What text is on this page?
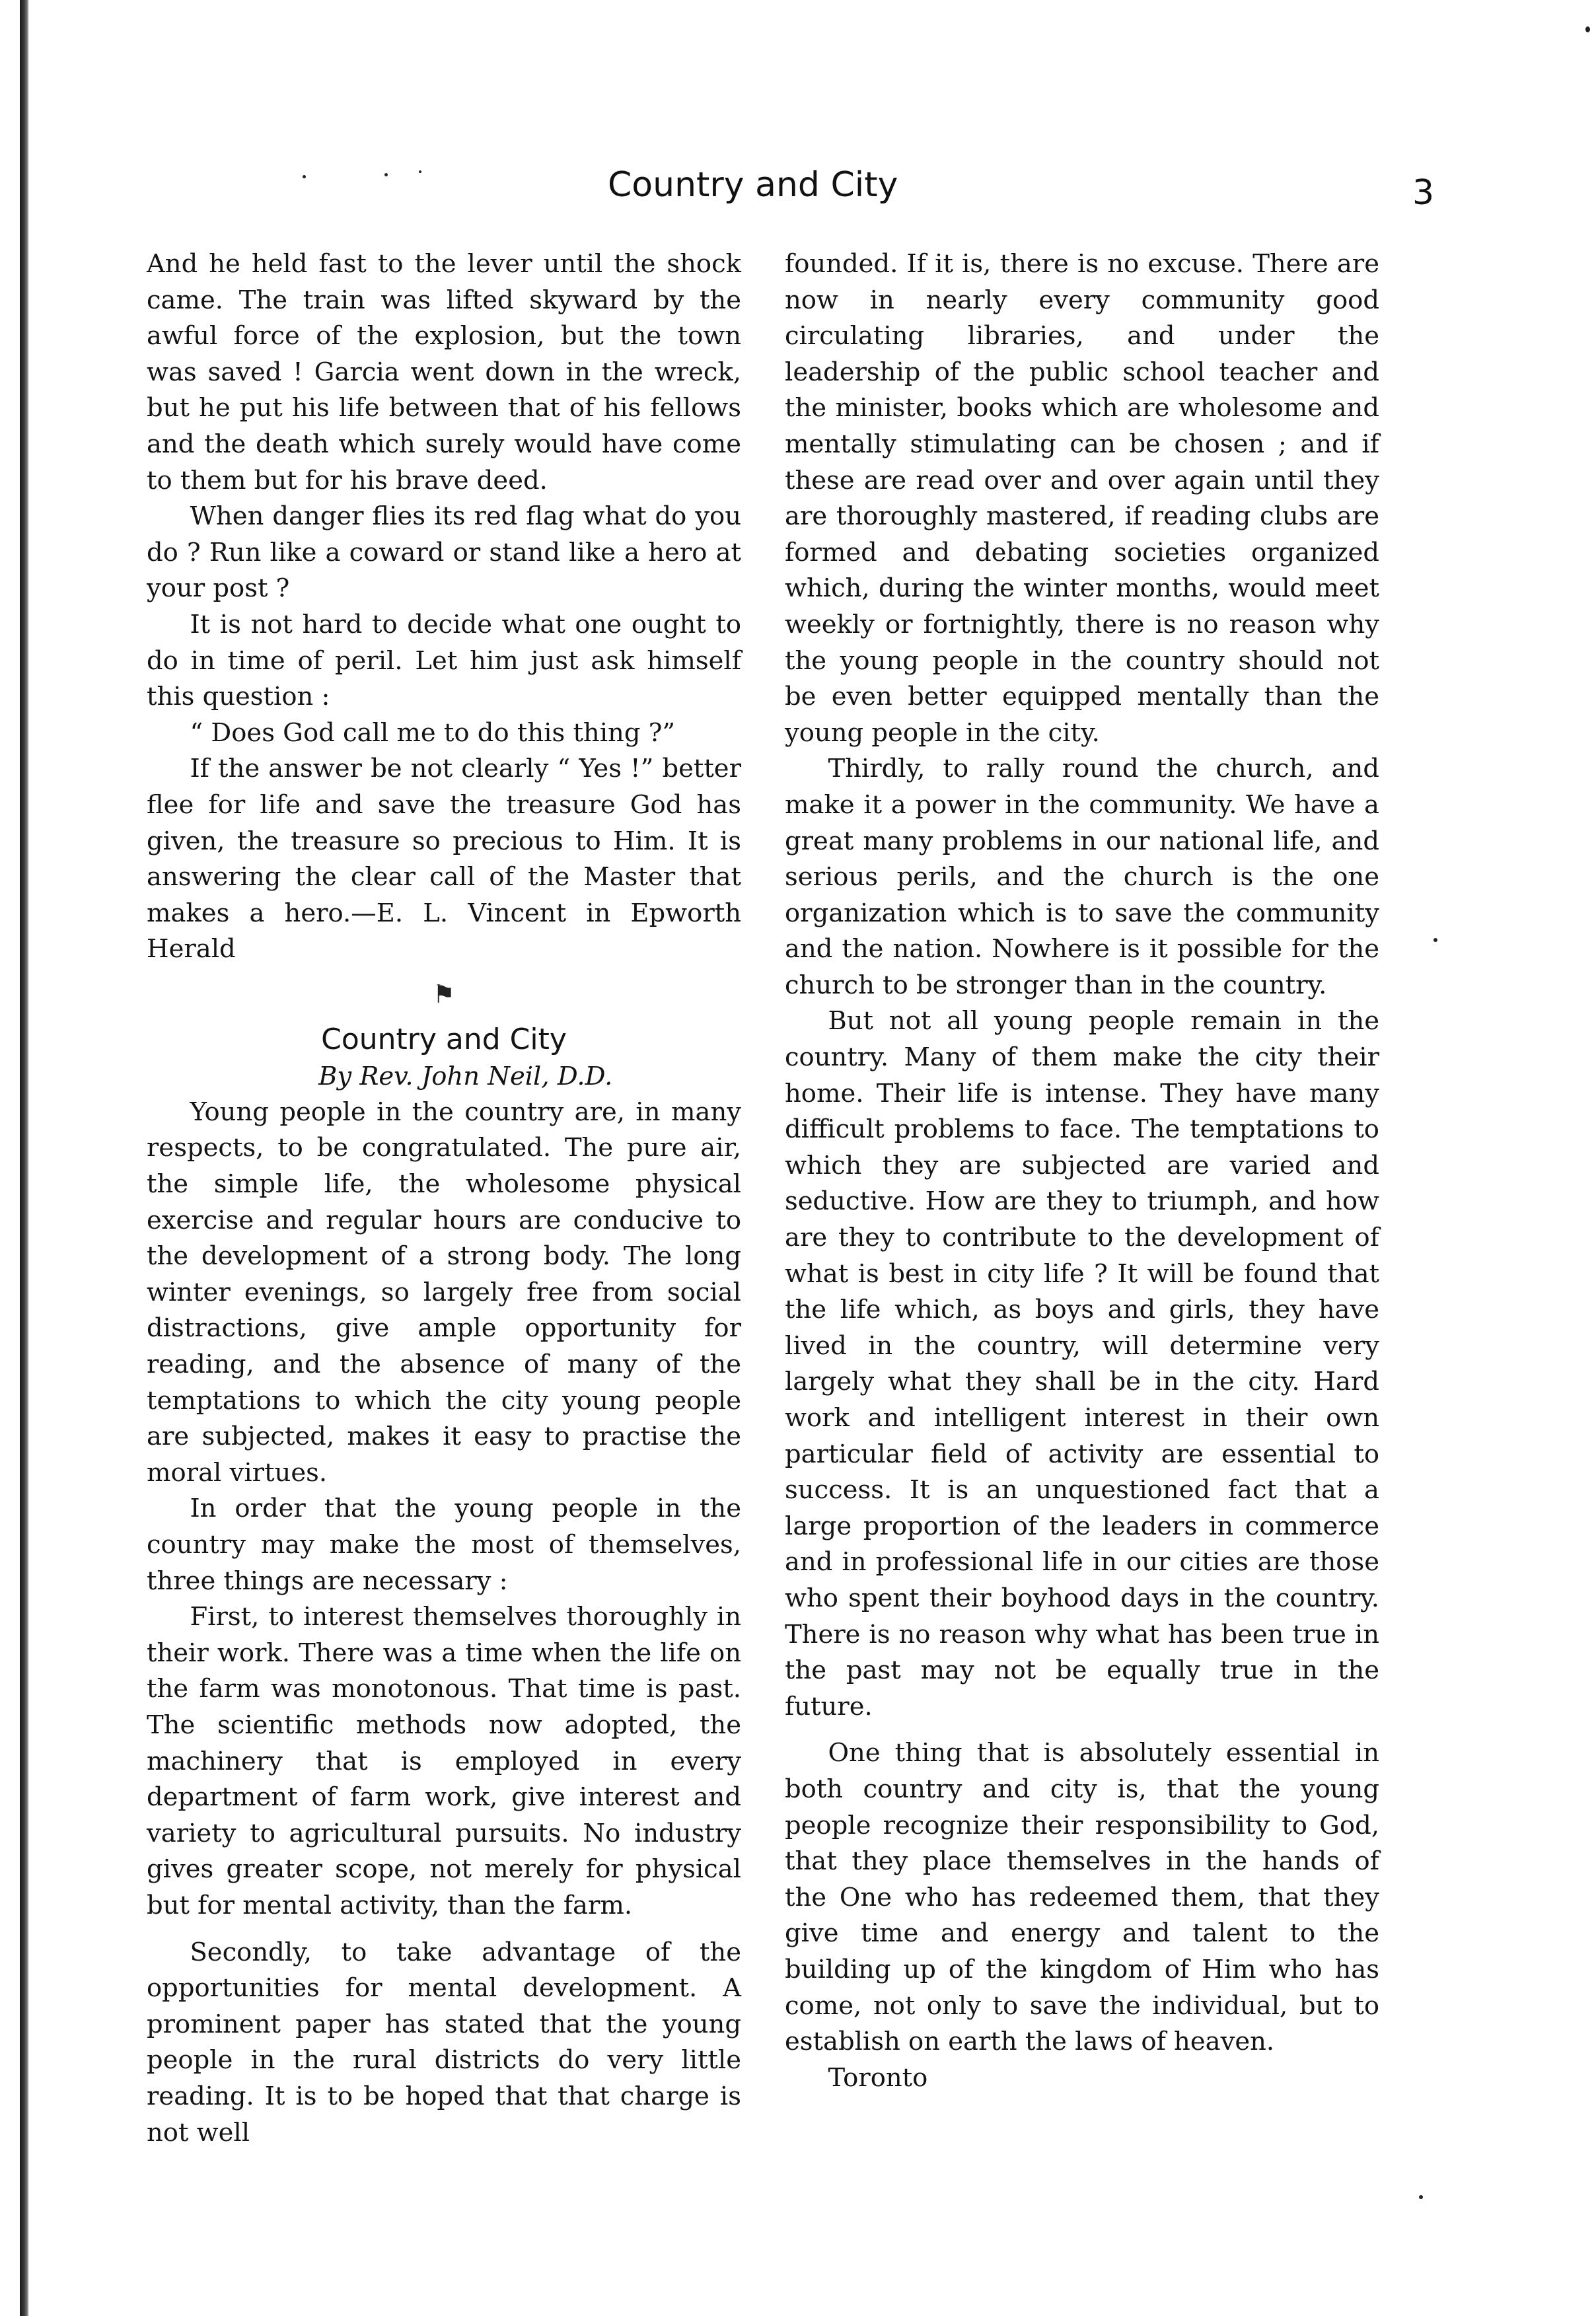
Country and City	3

And he held fast to the lever until the shock came. The train was lifted skyward by the awful force of the explosion, but the town was saved ! Garcia went down in the wreck, but he put his life between that of his fellows and the death which surely would have come to them but for his brave deed.

When danger flies its red flag what do you do ? Run like a coward or stand like a hero at your post ?

It is not hard to decide what one ought to do in time of peril. Let him just ask himself this question :

“ Does God call me to do this thing ?”

If the answer be not clearly “ Yes !” better flee for life and save the treasure God has given, the treasure so precious to Him. It is answering the clear call of the Master that makes a hero.—E. L. Vincent in Epworth Herald

⚑
Country and City

By Rev. John Neil, D.D.

Young people in the country are, in many respects, to be congratulated. The pure air, the simple life, the wholesome physical exercise and regular hours are conducive to the development of a strong body. The long winter evenings, so largely free from social distractions, give ample opportunity for reading, and the absence of many of the temptations to which the city young people are subjected, makes it easy to practise the moral virtues.

In order that the young people in the country may make the most of themselves, three things are necessary :

First, to interest themselves thoroughly in their work. There was a time when the life on the farm was monotonous. That time is past. The scientific methods now adopted, the machinery that is employed in every department of farm work, give interest and variety to agricultural pursuits. No industry gives greater scope, not merely for physical but for mental activity, than the farm.

Secondly, to take advantage of the opportunities for mental development. A prominent paper has stated that the young people in the rural districts do very little reading. It is to be hoped that that charge is not well

founded. If it is, there is no excuse. There are now in nearly every community good circulating libraries, and under the leadership of the public school teacher and the minister, books which are wholesome and mentally stimulating can be chosen ; and if these are read over and over again until they are thoroughly mastered, if reading clubs are formed and debating societies organized which, during the winter months, would meet weekly or fortnightly, there is no reason why the young people in the country should not be even better equipped mentally than the young people in the city.

Thirdly, to rally round the church, and make it a power in the community. We have a great many problems in our national life, and serious perils, and the church is the one organization which is to save the community and the nation. Nowhere is it possible for the church to be stronger than in the country.

But not all young people remain in the country. Many of them make the city their home. Their life is intense. They have many difficult problems to face. The temptations to which they are subjected are varied and seductive. How are they to triumph, and how are they to contribute to the development of what is best in city life ? It will be found that the life which, as boys and girls, they have lived in the country, will determine very largely what they shall be in the city. Hard work and intelligent interest in their own particular field of activity are essential to success. It is an unquestioned fact that a large proportion of the leaders in commerce and in professional life in our cities are those who spent their boyhood days in the country. There is no reason why what has been true in the past may not be equally true in the future.

One thing that is absolutely essential in both country and city is, that the young people recognize their responsibility to God, that they place themselves in the hands of the One who has redeemed them, that they give time and energy and talent to the building up of the kingdom of Him who has come, not only to save the individual, but to establish on earth the laws of heaven.

Toronto
